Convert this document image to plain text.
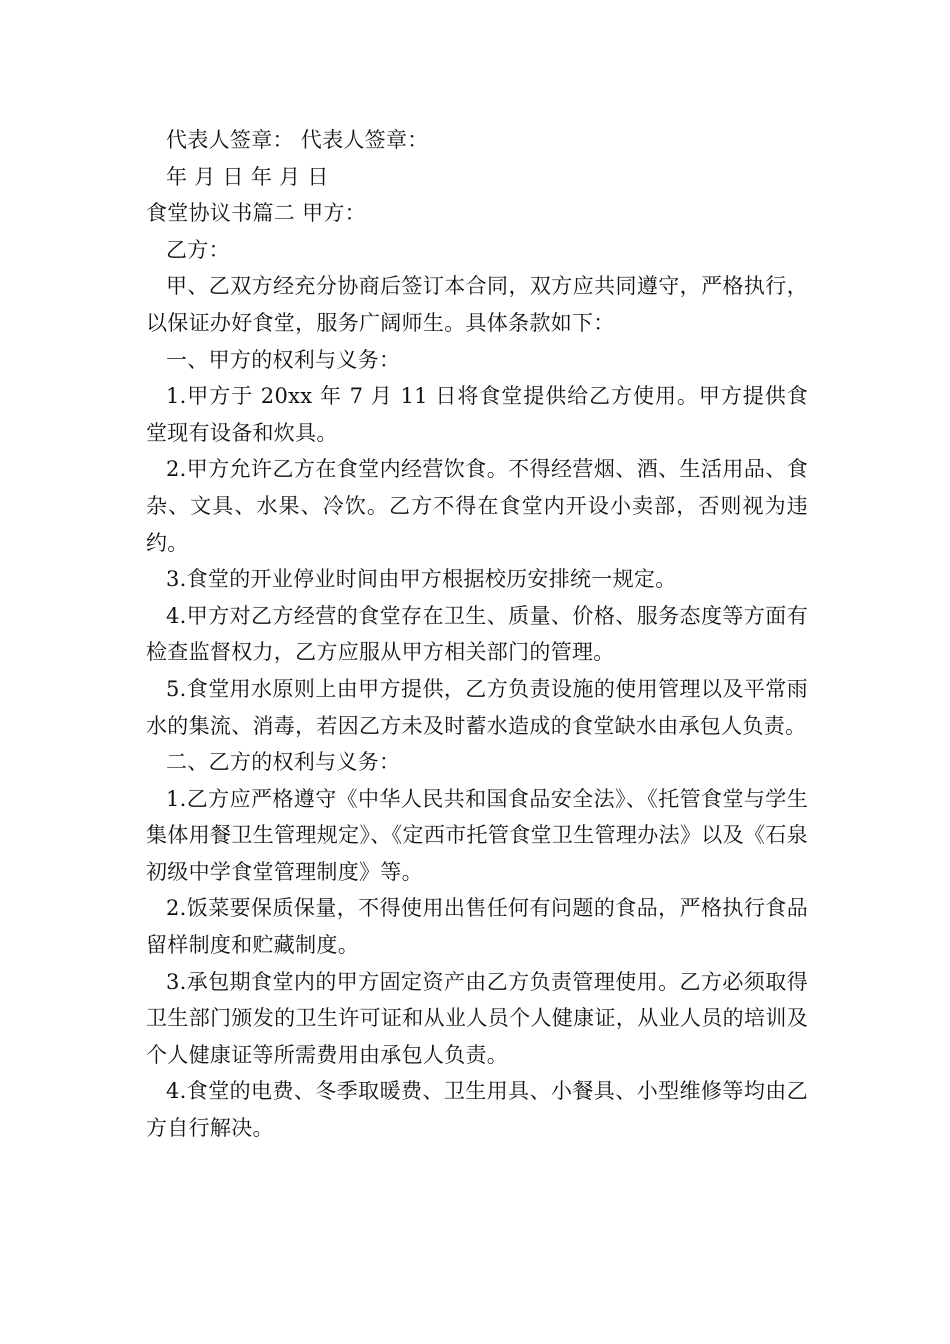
代表人签章： 代表人签章：

年 月 日 年 月 日

食堂协议书篇二 甲方：

乙方：

甲、乙双方经充分协商后签订本合同，双方应共同遵守，严格执行，以保证办好食堂，服务广阔师生。具体条款如下：

一、甲方的权利与义务：

1.甲方于 20xx 年 7 月 11 日将食堂提供给乙方使用。甲方提供食堂现有设备和炊具。

2.甲方允许乙方在食堂内经营饮食。不得经营烟、酒、生活用品、食杂、文具、水果、冷饮。乙方不得在食堂内开设小卖部，否则视为违约。

3.食堂的开业停业时间由甲方根据校历安排统一规定。

4.甲方对乙方经营的食堂存在卫生、质量、价格、服务态度等方面有检查监督权力，乙方应服从甲方相关部门的管理。

5.食堂用水原则上由甲方提供，乙方负责设施的使用管理以及平常雨水的集流、消毒，若因乙方未及时蓄水造成的食堂缺水由承包人负责。

二、乙方的权利与义务：

1.乙方应严格遵守《中华人民共和国食品安全法》、《托管食堂与学生集体用餐卫生管理规定》、《定西市托管食堂卫生管理办法》以及《石泉初级中学食堂管理制度》等。

2.饭菜要保质保量，不得使用出售任何有问题的食品，严格执行食品留样制度和贮藏制度。

3.承包期食堂内的甲方固定资产由乙方负责管理使用。乙方必须取得卫生部门颁发的卫生许可证和从业人员个人健康证，从业人员的培训及个人健康证等所需费用由承包人负责。

4.食堂的电费、冬季取暖费、卫生用具、小餐具、小型维修等均由乙方自行解决。
